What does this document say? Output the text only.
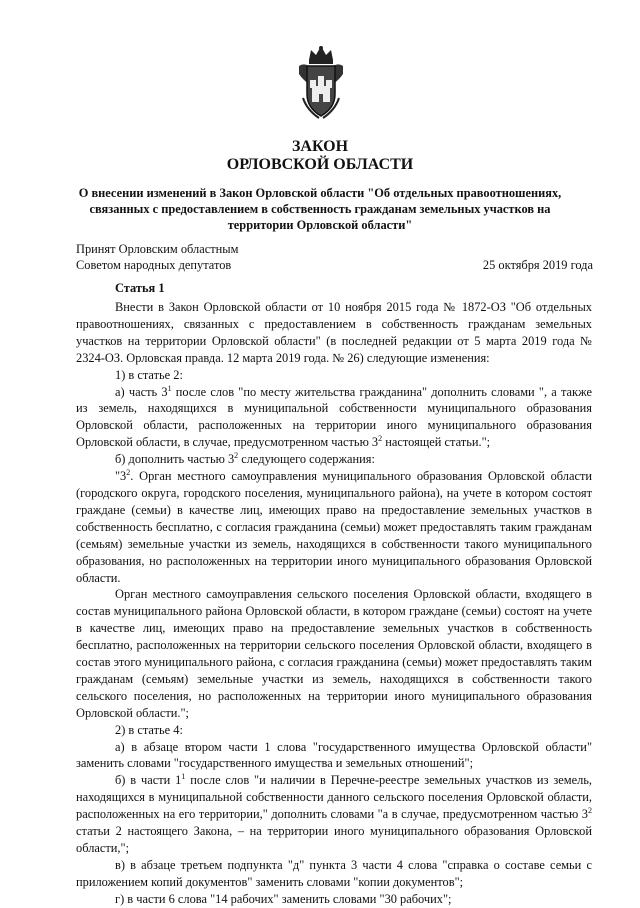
ЗАКОН
ОРЛОВСКОЙ ОБЛАСТИ
О внесении изменений в Закон Орловской области "Об отдельных правоотношениях, связанных с предоставлением в собственность гражданам земельных участков на территории Орловской области"
Принят Орловским областным
Советом народных депутатов	25 октября 2019 года
Статья 1

Внести в Закон Орловской области от 10 ноября 2015 года № 1872-ОЗ "Об отдельных правоотношениях, связанных с предоставлением в собственность гражданам земельных участков на территории Орловской области" (в последней редакции от 5 марта 2019 года № 2324-ОЗ. Орловская правда. 12 марта 2019 года. № 26) следующие изменения:

1) в статье 2:

а) часть $3^1$ после слов "по месту жительства гражданина" дополнить словами ", а также из земель, находящихся в муниципальной собственности муниципального образования Орловской области, расположенных на территории иного муниципального образования Орловской области, в случае, предусмотренном частью $3^2$ настоящей статьи.";

б) дополнить частью $3^2$ следующего содержания:

"$3^2$. Орган местного самоуправления муниципального образования Орловской области (городского округа, городского поселения, муниципального района), на учете в котором состоят граждане (семьи) в качестве лиц, имеющих право на предоставление земельных участков в собственность бесплатно, с согласия гражданина (семьи) может предоставлять таким гражданам (семьям) земельные участки из земель, находящихся в собственности такого муниципального образования, но расположенных на территории иного муниципального образования Орловской области.

Орган местного самоуправления сельского поселения Орловской области, входящего в состав муниципального района Орловской области, в котором граждане (семьи) состоят на учете в качестве лиц, имеющих право на предоставление земельных участков в собственность бесплатно, расположенных на территории сельского поселения Орловской области, входящего в состав этого муниципального района, с согласия гражданина (семьи) может предоставлять таким гражданам (семьям) земельные участки из земель, находящихся в собственности такого сельского поселения, но расположенных на территории иного муниципального образования Орловской области.";

2) в статье 4:

а) в абзаце втором части 1 слова "государственного имущества Орловской области" заменить словами "государственного имущества и земельных отношений";

б) в части $1^1$ после слов "и наличии в Перечне-реестре земельных участков из земель, находящихся в муниципальной собственности данного сельского поселения Орловской области, расположенных на его территории," дополнить словами "а в случае, предусмотренном частью $3^2$ статьи 2 настоящего Закона, – на территории иного муниципального образования Орловской области,";

в) в абзаце третьем подпункта "д" пункта 3 части 4 слова "справка о составе семьи с приложением копий документов" заменить словами "копии документов";

г) в части 6 слова "14 рабочих" заменить словами "30 рабочих";
